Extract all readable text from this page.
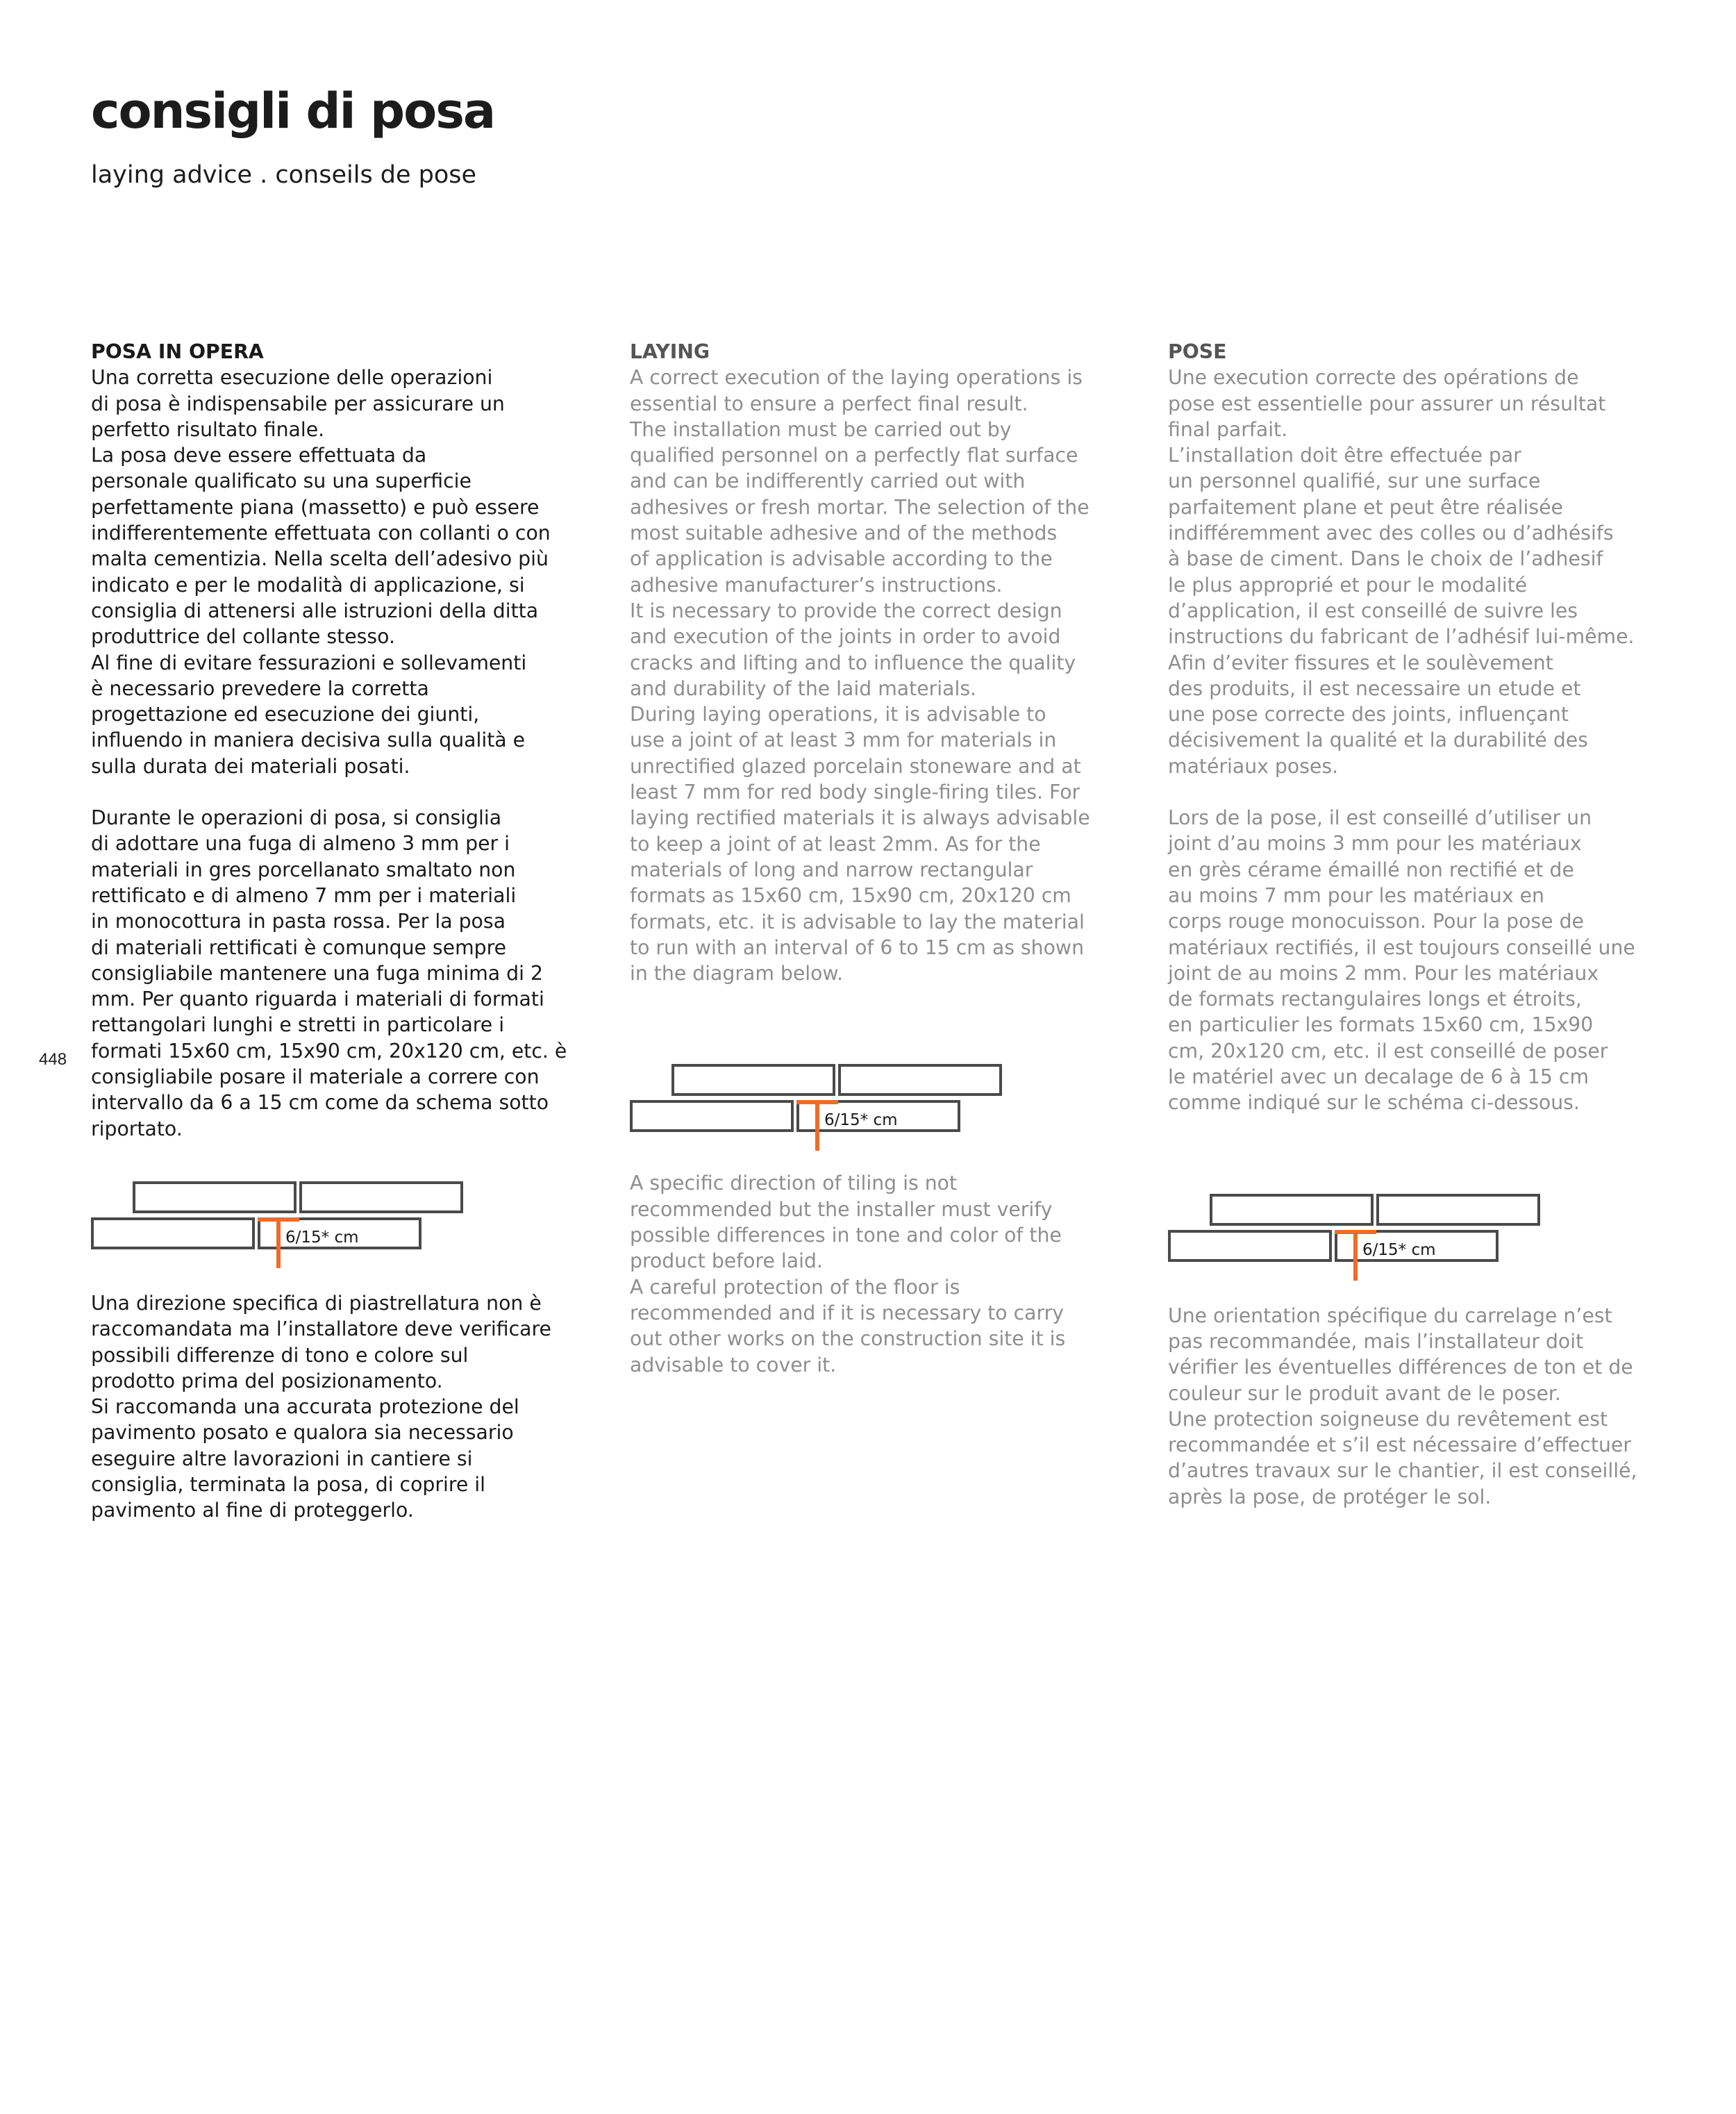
consigli di posa
laying advice . conseils de pose
448
POSA IN OPERA

Una corretta esecuzione delle operazioni
di posa è indispensabile per assicurare un
perfetto risultato finale.
La posa deve essere effettuata da
personale qualificato su una superficie
perfettamente piana (massetto) e può essere
indifferentemente effettuata con collanti o con
malta cementizia. Nella scelta dell’adesivo più
indicato e per le modalità di applicazione, si
consiglia di attenersi alle istruzioni della ditta
produttrice del collante stesso.
Al fine di evitare fessurazioni e sollevamenti
è necessario prevedere la corretta
progettazione ed esecuzione dei giunti,
influendo in maniera decisiva sulla qualità e
sulla durata dei materiali posati.

Durante le operazioni di posa, si consiglia
di adottare una fuga di almeno 3 mm per i
materiali in gres porcellanato smaltato non
rettificato e di almeno 7 mm per i materiali
in monocottura in pasta rossa. Per la posa
di materiali rettificati è comunque sempre
consigliabile mantenere una fuga minima di 2
mm. Per quanto riguarda i materiali di formati
rettangolari lunghi e stretti in particolare i
formati 15x60 cm, 15x90 cm, 20x120 cm, etc. è
consigliabile posare il materiale a correre con
intervallo da 6 a 15 cm come da schema sotto
riportato.

6/15* cm

Una direzione specifica di piastrellatura non è
raccomandata ma l’installatore deve verificare
possibili differenze di tono e colore sul
prodotto prima del posizionamento.
Si raccomanda una accurata protezione del
pavimento posato e qualora sia necessario
eseguire altre lavorazioni in cantiere si
consiglia, terminata la posa, di coprire il
pavimento al fine di proteggerlo.

LAYING

A correct execution of the laying operations is
essential to ensure a perfect final result.
The installation must be carried out by
qualified personnel on a perfectly flat surface
and can be indifferently carried out with
adhesives or fresh mortar. The selection of the
most suitable adhesive and of the methods
of application is advisable according to the
adhesive manufacturer’s instructions.
It is necessary to provide the correct design
and execution of the joints in order to avoid
cracks and lifting and to influence the quality
and durability of the laid materials.
During laying operations, it is advisable to
use a joint of at least 3 mm for materials in
unrectified glazed porcelain stoneware and at
least 7 mm for red body single-firing tiles. For
laying rectified materials it is always advisable
to keep a joint of at least 2mm. As for the
materials of long and narrow rectangular
formats as 15x60 cm, 15x90 cm, 20x120 cm
formats, etc. it is advisable to lay the material
to run with an interval of 6 to 15 cm as shown
in the diagram below.

6/15* cm

A specific direction of tiling is not
recommended but the installer must verify
possible differences in tone and color of the
product before laid.
A careful protection of the floor is
recommended and if it is necessary to carry
out other works on the construction site it is
advisable to cover it.

POSE

Une execution correcte des opérations de
pose est essentielle pour assurer un résultat
final parfait.
L’installation doit être effectuée par
un personnel qualifié, sur une surface
parfaitement plane et peut être réalisée
indifféremment avec des colles ou d’adhésifs
à base de ciment. Dans le choix de l’adhesif
le plus approprié et pour le modalité
d’application, il est conseillé de suivre les
instructions du fabricant de l’adhésif lui-même.
Afin d’eviter fissures et le soulèvement
des produits, il est necessaire un etude et
une pose correcte des joints, influençant
décisivement la qualité et la durabilité des
matériaux poses.

Lors de la pose, il est conseillé d’utiliser un
joint d’au moins 3 mm pour les matériaux
en grès cérame émaillé non rectifié et de
au moins 7 mm pour les matériaux en
corps rouge monocuisson. Pour la pose de
matériaux rectifiés, il est toujours conseillé une
joint de au moins 2 mm. Pour les matériaux
de formats rectangulaires longs et étroits,
en particulier les formats 15x60 cm, 15x90
cm, 20x120 cm, etc. il est conseillé de poser
le matériel avec un decalage de 6 à 15 cm
comme indiqué sur le schéma ci-dessous.

6/15* cm

Une orientation spécifique du carrelage n’est
pas recommandée, mais l’installateur doit
vérifier les éventuelles différences de ton et de
couleur sur le produit avant de le poser.
Une protection soigneuse du revêtement est
recommandée et s’il est nécessaire d’effectuer
d’autres travaux sur le chantier, il est conseillé,
après la pose, de protéger le sol.
